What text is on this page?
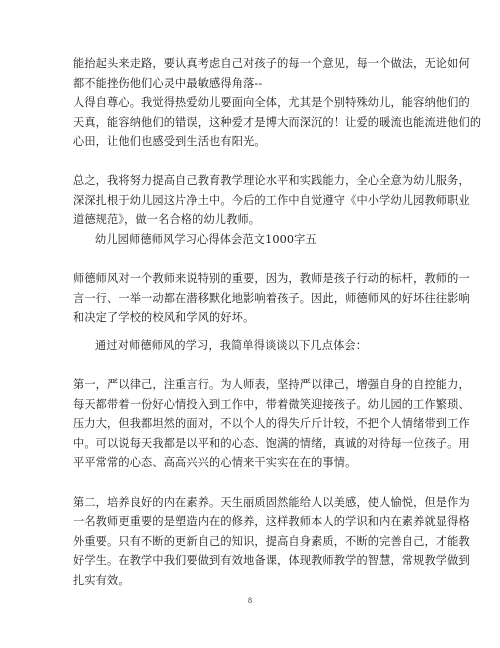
能抬起头来走路，要认真考虑自己对孩子的每一个意见，每一个做法，无论如何
都不能挫伤他们心灵中最敏感得角落--

人得自尊心。我觉得热爱幼儿要面向全体，尤其是个别特殊幼儿，能容纳他们的
天真，能容纳他们的错误，这种爱才是博大而深沉的！让爱的暖流也能流进他们的
心田，让他们也感受到生活也有阳光。

总之，我将努力提高自己教育教学理论水平和实践能力，全心全意为幼儿服务，
深深扎根于幼儿园这片净土中。今后的工作中自觉遵守《中小学幼儿园教师职业
道德规范》，做一名合格的幼儿教师。

幼儿园师德师风学习心得体会范文1000字五

师德师风对一个教师来说特别的重要，因为，教师是孩子行动的标杆，教师的一
言一行、一举一动都在潜移默化地影响着孩子。因此，师德师风的好坏往往影响
和决定了学校的校风和学风的好坏。

通过对师德师风的学习，我简单得谈谈以下几点体会：

第一，严以律己，注重言行。为人师表，坚持严以律己，增强自身的自控能力，
每天都带着一份好心情投入到工作中，带着微笑迎接孩子。幼儿园的工作繁琐、
压力大，但我都坦然的面对，不以个人的得失斤斤计较，不把个人情绪带到工作
中。可以说每天我都是以平和的心态、饱满的情绪，真诚的对待每一位孩子。用
平平常常的心态、高高兴兴的心情来干实实在在的事情。

第二，培养良好的内在素养。天生丽质固然能给人以美感，使人愉悦，但是作为
一名教师更重要的是塑造内在的修养，这样教师本人的学识和内在素养就显得格
外重要。只有不断的更新自己的知识，提高自身素质，不断的完善自己，才能教
好学生。在教学中我们要做到有效地备课，体现教师教学的智慧，常规教学做到
扎实有效。

8
